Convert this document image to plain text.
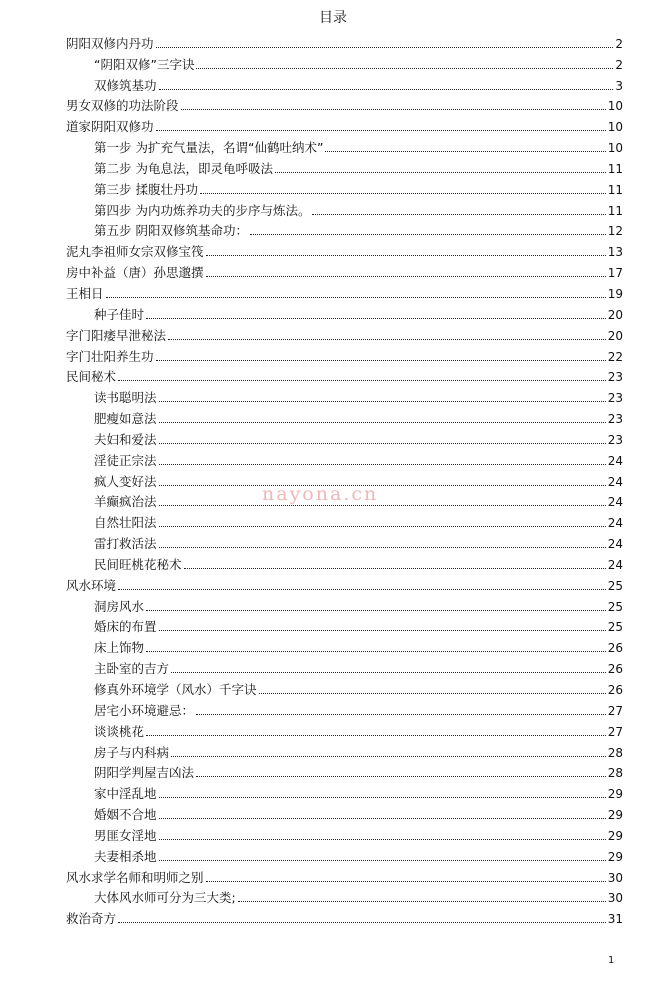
目录
阴阳双修内丹功	2
“阴阳双修”三字诀	2
双修筑基功	3
男女双修的功法阶段	10
道家阴阳双修功	10
第一步 为扩充气量法，名谓“仙鹤吐纳术”	10
第二步 为龟息法，即灵龟呼吸法	11
第三步 揉腹壮丹功	11
第四步 为内功炼养功夫的步序与炼法。	11
第五步 阴阳双修筑基命功：	12
泥丸李祖师女宗双修宝筏	13
房中补益（唐）孙思邈撰	17
王相日	19
种子佳时	20
字门阳痿早泄秘法	20
字门壮阳养生功	22
民间秘术	23
读书聪明法	23
肥瘦如意法	23
夫妇和爱法	23
淫徒正宗法	24
疯人变好法	24
羊癫疯治法	24
自然壮阳法	24
雷打救活法	24
民间旺桃花秘术	24
风水环境	25
洞房风水	25
婚床的布置	25
床上饰物	26
主卧室的吉方	26
修真外环境学（风水）千字诀	26
居宅小环境避忌：	27
谈谈桃花	27
房子与内科病	28
阴阳学判屋吉凶法	28
家中淫乱地	29
婚姻不合地	29
男匪女淫地	29
夫妻相杀地	29
风水求学名师和明师之别	30
大体风水师可分为三大类;	30
救治奇方	31
nayona.cn
1
